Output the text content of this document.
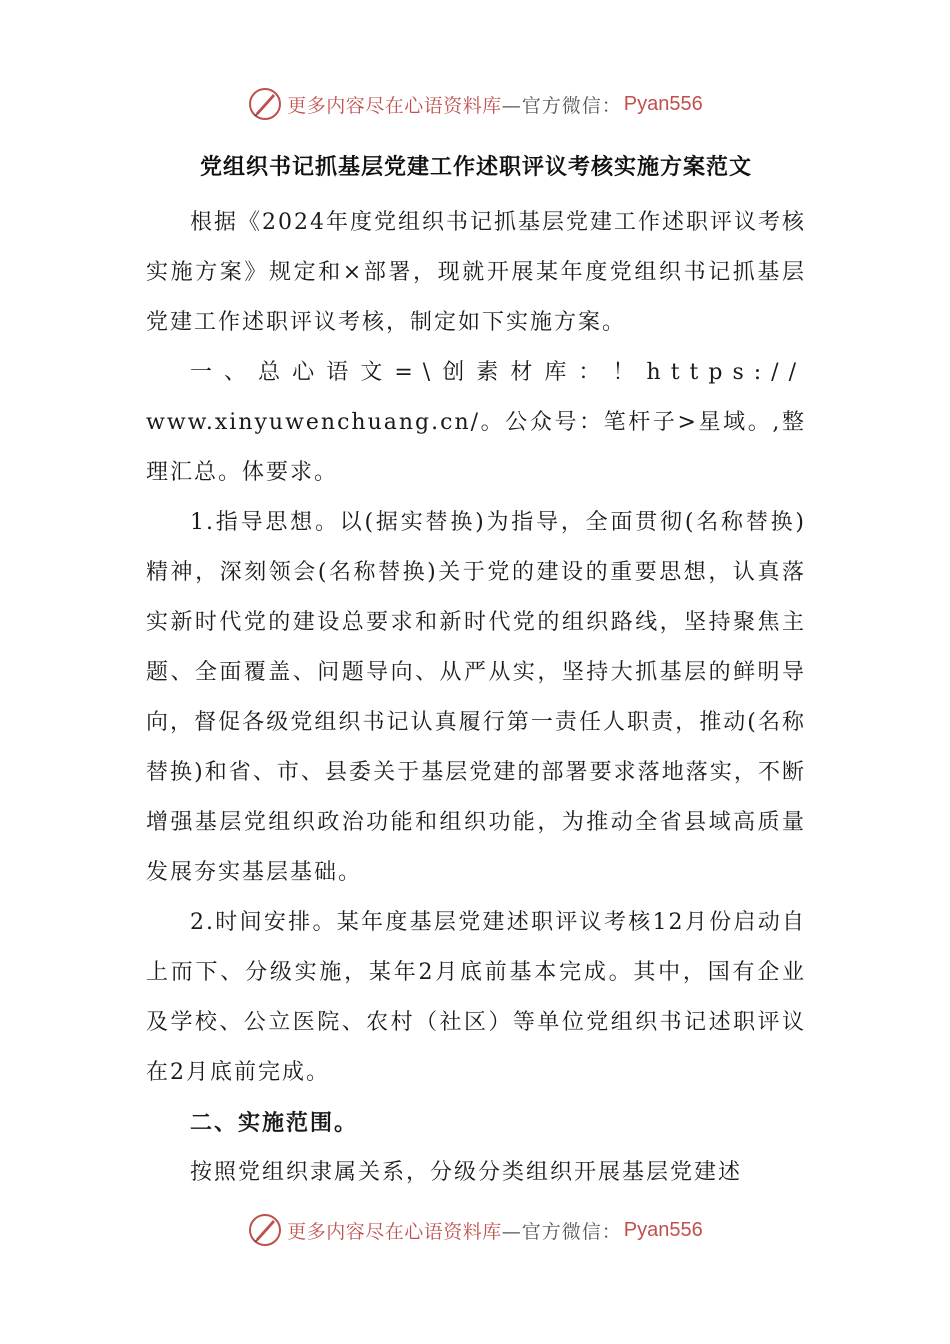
更多内容尽在心语资料库 —官方微信： Pyan556
党组织书记抓基层党建工作述职评议考核实施方案范文

根据《2024年度党组织书记抓基层党建工作述职评议考核实施方案》规定和×部署，现就开展某年度党组织书记抓基层党建工作述职评议考核，制定如下实施方案。

一、总心语文=\创素材库：！https://

www.xinyuwenchuang.cn/。公众号：笔杆子>星域。,整理汇总。体要求。

1.指导思想。以(据实替换)为指导，全面贯彻(名称替换)精神，深刻领会(名称替换)关于党的建设的重要思想，认真落实新时代党的建设总要求和新时代党的组织路线，坚持聚焦主题、全面覆盖、问题导向、从严从实，坚持大抓基层的鲜明导向，督促各级党组织书记认真履行第一责任人职责，推动(名称替换)和省、市、县委关于基层党建的部署要求落地落实，不断增强基层党组织政治功能和组织功能，为推动全省县域高质量发展夯实基层基础。

2.时间安排。某年度基层党建述职评议考核12月份启动自上而下、分级实施，某年2月底前基本完成。其中，国有企业及学校、公立医院、农村（社区）等单位党组织书记述职评议在2月底前完成。

二、实施范围。

按照党组织隶属关系，分级分类组织开展基层党建述

更多内容尽在心语资料库 —官方微信： Pyan556
